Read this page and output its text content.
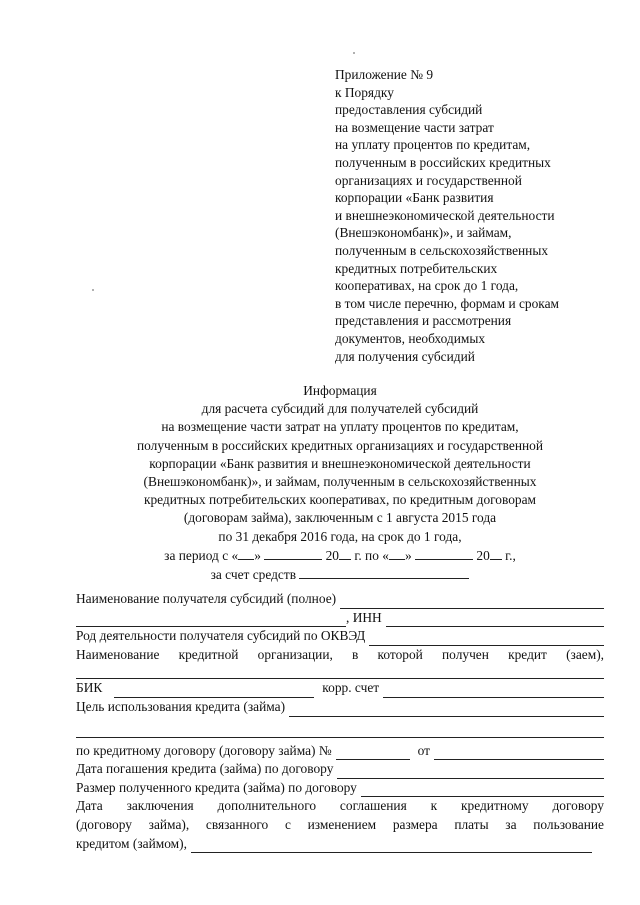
Приложение № 9
к Порядку
предоставления субсидий
на возмещение части затрат
на уплату процентов по кредитам,
полученным в российских кредитных
организациях и государственной
корпорации «Банк развития
и внешнеэкономической деятельности
(Внешэкономбанк)», и займам,
полученным в сельскохозяйственных
кредитных потребительских
кооперативах, на срок до 1 года,
в том числе перечню, формам и срокам
представления и рассмотрения
документов, необходимых
для получения субсидий
Информация
для расчета субсидий для получателей субсидий
на возмещение части затрат на уплату процентов по кредитам,
полученным в российских кредитных организациях и государственной
корпорации «Банк развития и внешнеэкономической деятельности
(Внешэкономбанк)», и займам, полученным в сельскохозяйственных
кредитных потребительских кооперативах, по кредитным договорам
(договорам займа), заключенным с 1 августа 2015 года
по 31 декабря 2016 года, на срок до 1 года,
за период с « »	20 г. по « »	20 г.,
за счет средств
Наименование получателя субсидий (полное)
, ИНН
Род деятельности получателя субсидий по ОКВЭД
Наименование кредитной организации, в которой получен кредит (заем),
БИК	корр. счет
Цель использования кредита (займа)
по кредитному договору (договору займа) №	от
Дата погашения кредита (займа) по договору
Размер полученного кредита (займа) по договору
Дата заключения дополнительного соглашения к кредитному договору
(договору займа), связанного с изменением размера платы за пользование
кредитом (займом),
